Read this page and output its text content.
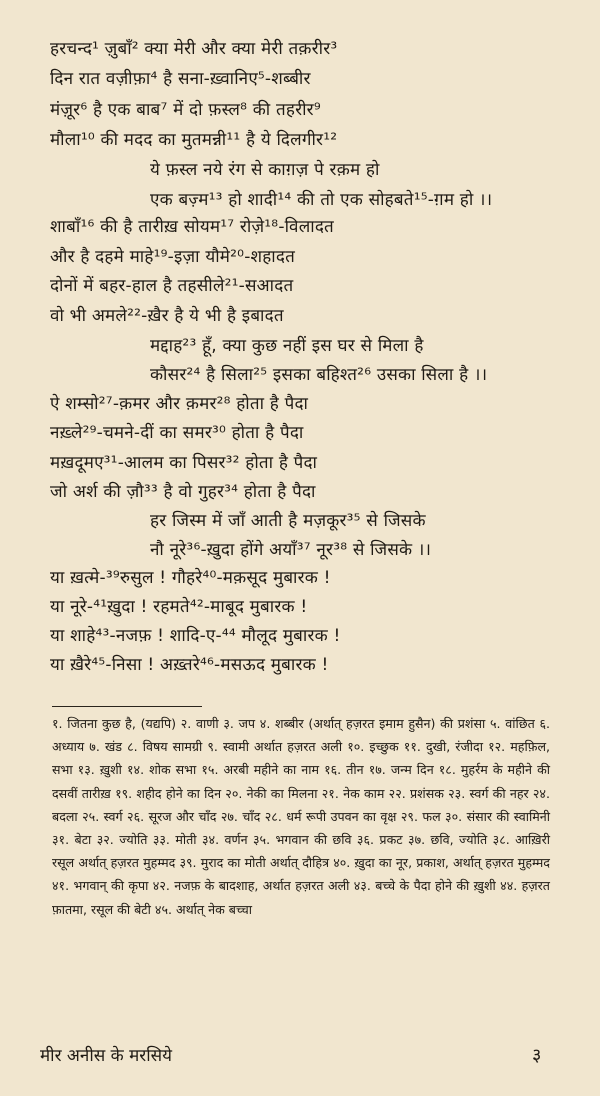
हरचन्द¹ ज़ुबाँ² क्या मेरी और क्या मेरी तक़रीर³
दिन रात वज़ीफ़ा⁴ है सना-ख़्वानिए⁵-शब्बीर
मंज़ूर⁶ है एक बाब⁷ में दो फ़स्ल⁸ की तहरीर⁹
मौला¹⁰ की मदद का मुतमन्नी¹¹ है ये दिलगीर¹²
ये फ़स्ल नये रंग से काग़ज़ पे रक़म हो
एक बज़्म¹³ हो शादी¹⁴ की तो एक सोहबते¹⁵-ग़म हो ।।
शाबाँ¹⁶ की है तारीख़ सोयम¹⁷ रोज़े¹⁸-विलादत
और है दहमे माहे¹⁹-इज़ा यौमे²⁰-शहादत
दोनों में बहर-हाल है तहसीले²¹-सआदत
वो भी अमले²²-ख़ैर है ये भी है इबादत
मद्दाह²³ हूँ, क्या कुछ नहीं इस घर से मिला है
कौसर²⁴ है सिला²⁵ इसका बहिश्त²⁶ उसका सिला है ।।
ऐ शम्सो²⁷-क़मर और क़मर²⁸ होता है पैदा
नख़्ले²⁹-चमने-दीं का समर³⁰ होता है पैदा
मख़दूमए³¹-आलम का पिसर³² होता है पैदा
जो अर्श की ज़ौ³³ है वो गुहर³⁴ होता है पैदा
हर जिस्म में जाँ आती है मज़कूर³⁵ से जिसके
नौ नूरे³⁶-ख़ुदा होंगे अयाँ³⁷ नूर³⁸ से जिसके ।।
या ख़त्मे-³⁹रुसुल ! गौहरे⁴⁰-मक़सूद मुबारक !
या नूरे-⁴¹ख़ुदा ! रहमते⁴²-माबूद मुबारक !
या शाहे⁴³-नजफ़ ! शादि-ए-⁴⁴ मौलूद मुबारक !
या ख़ैरे⁴⁵-निसा ! अख़्तरे⁴⁶-मसऊद मुबारक !
१. जितना कुछ है, (यद्यपि) २. वाणी ३. जप ४. शब्बीर (अर्थात् हज़रत इमाम हुसैन) की प्रशंसा ५. वांछित ६. अध्याय ७. खंड ८. विषय सामग्री ९. स्वामी अर्थात हज़रत अली १०. इच्छुक ११. दुखी, रंजीदा १२. महफ़िल, सभा १३. ख़ुशी १४. शोक सभा १५. अरबी महीने का नाम १६. तीन १७. जन्म दिन १८. मुहर्रम के महीने की दसवीं तारीख़ १९. शहीद होने का दिन २०. नेकी का मिलना २१. नेक काम २२. प्रशंसक २३. स्वर्ग की नहर २४. बदला २५. स्वर्ग २६. सूरज और चाँद २७. चाँद २८. धर्म रूपी उपवन का वृक्ष २९. फल ३०. संसार की स्वामिनी ३१. बेटा ३२. ज्योति ३३. मोती ३४. वर्णन ३५. भगवान की छवि ३६. प्रकट ३७. छवि, ज्योति ३८. आख़िरी रसूल अर्थात् हज़रत मुहम्मद ३९. मुराद का मोती अर्थात् दौहित्र ४०. ख़ुदा का नूर, प्रकाश, अर्थात् हज़रत मुहम्मद ४१. भगवान् की कृपा ४२. नजफ़ के बादशाह, अर्थात हज़रत अली ४३. बच्चे के पैदा होने की ख़ुशी ४४. हज़रत फ़ातमा, रसूल की बेटी ४५. अर्थात् नेक बच्चा
मीर अनीस के मरसिये	३
